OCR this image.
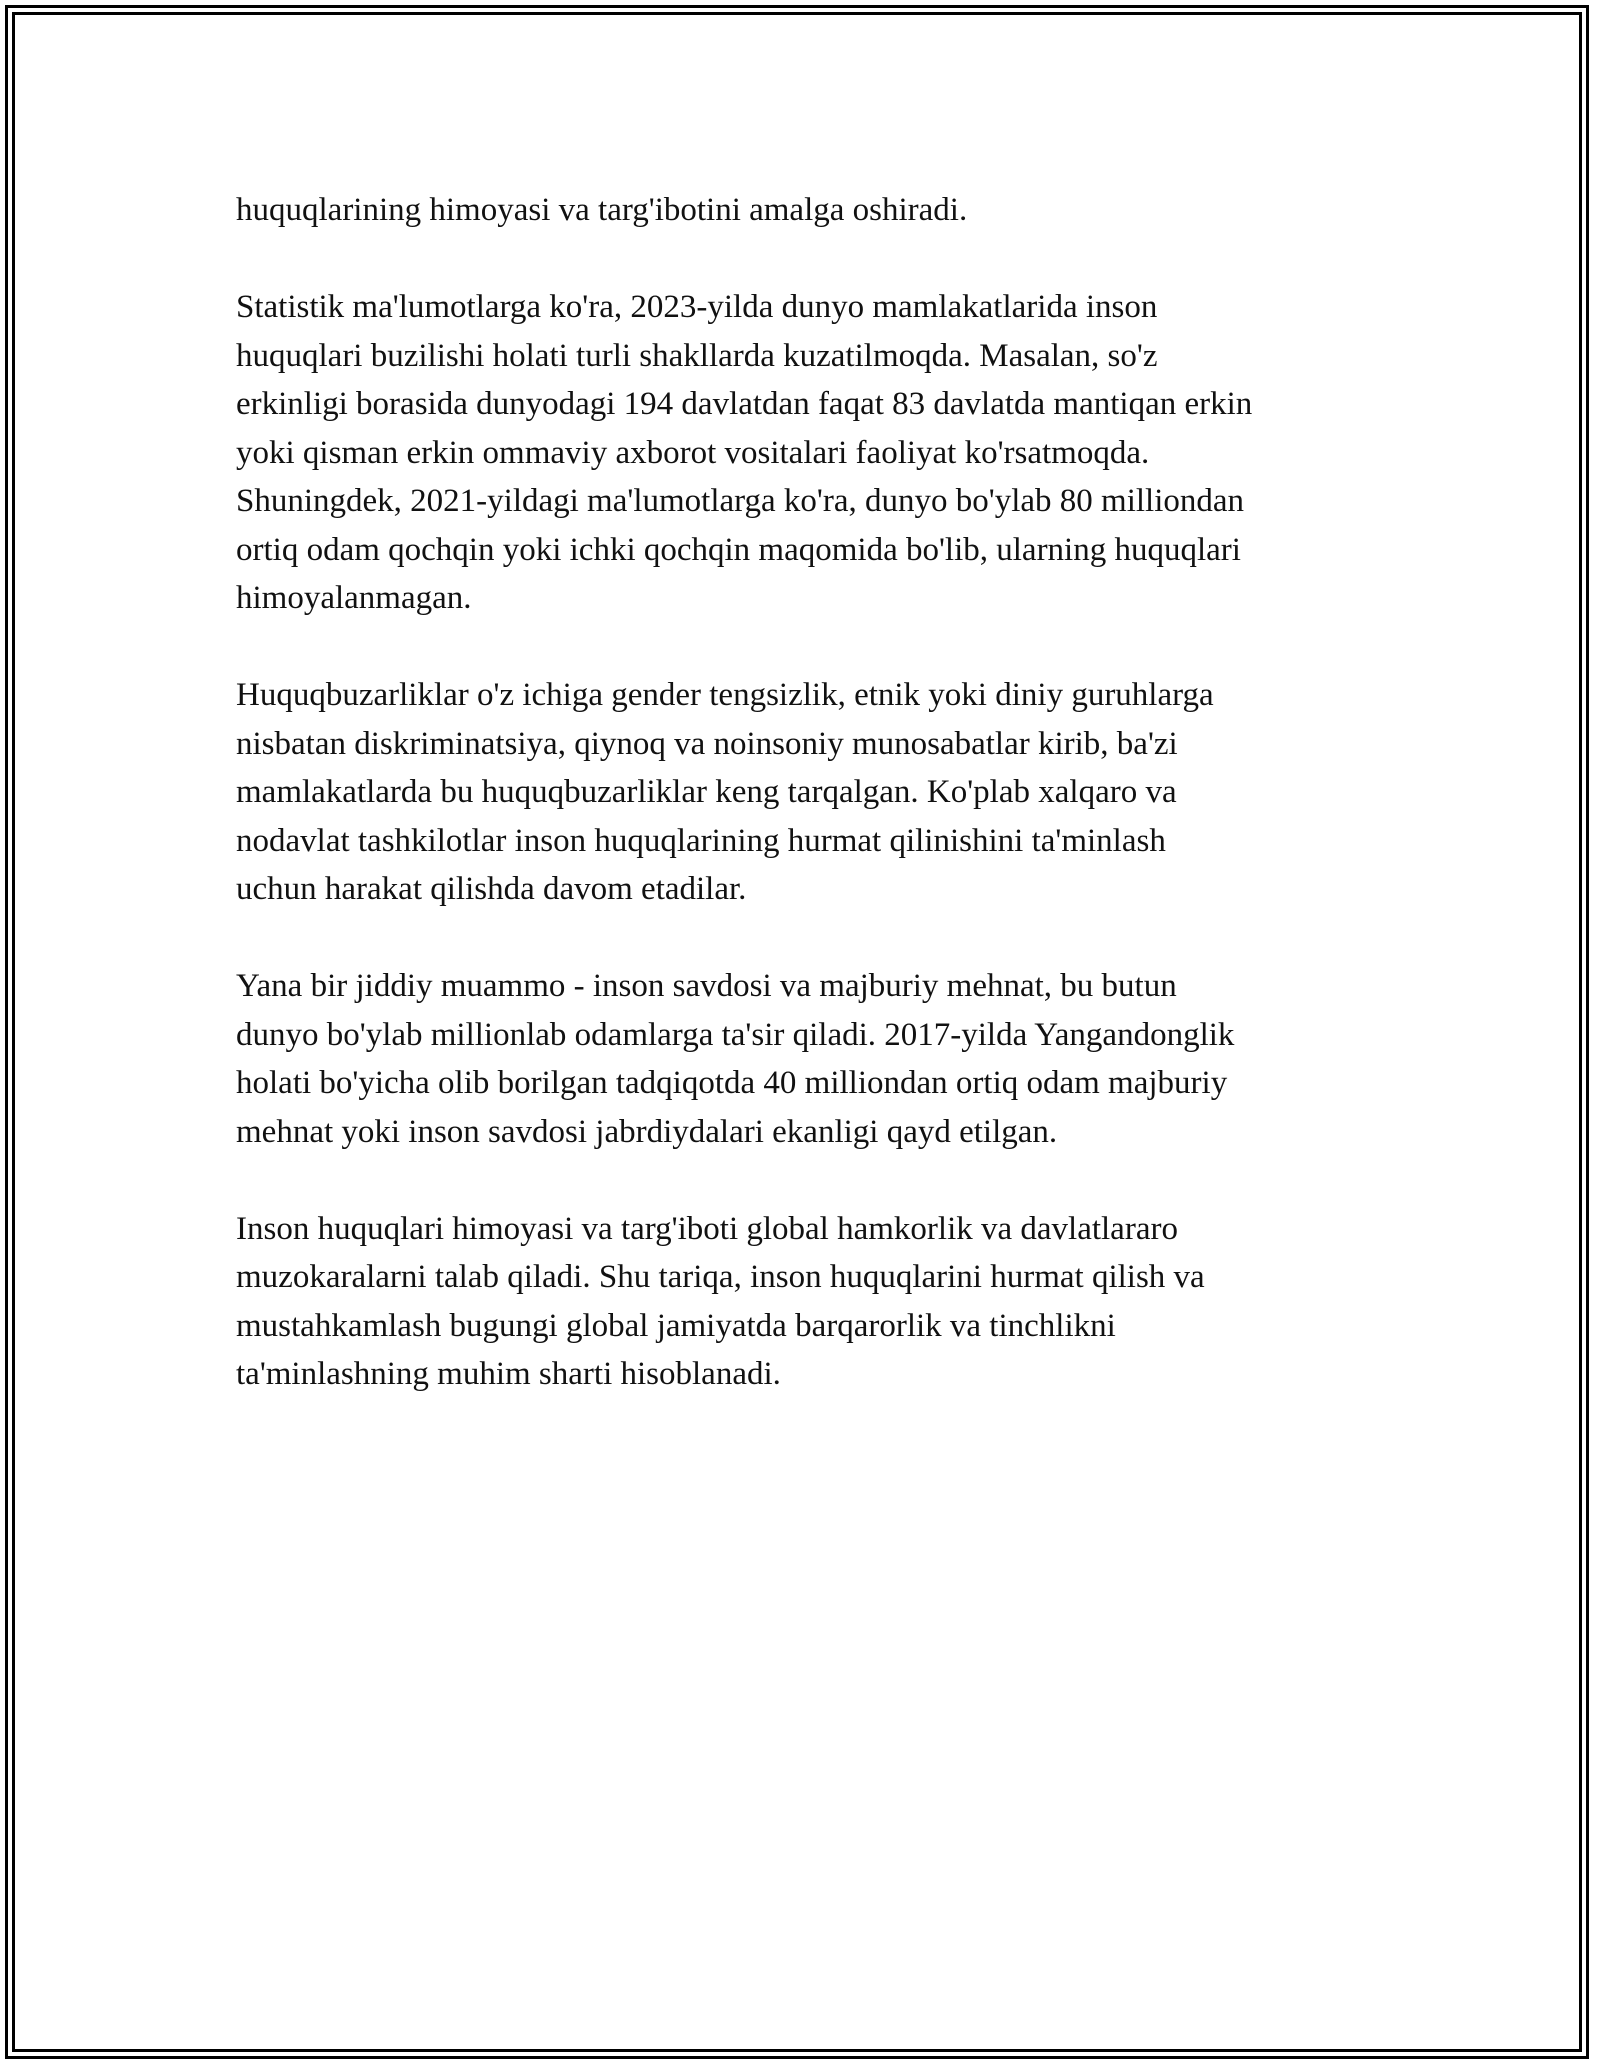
huquqlarining himoyasi va targ'ibotini amalga oshiradi.

Statistik ma'lumotlarga ko'ra, 2023-yilda dunyo mamlakatlarida inson
huquqlari buzilishi holati turli shakllarda kuzatilmoqda. Masalan, so'z
erkinligi borasida dunyodagi 194 davlatdan faqat 83 davlatda mantiqan erkin
yoki qisman erkin ommaviy axborot vositalari faoliyat ko'rsatmoqda.
Shuningdek, 2021-yildagi ma'lumotlarga ko'ra, dunyo bo'ylab 80 milliondan
ortiq odam qochqin yoki ichki qochqin maqomida bo'lib, ularning huquqlari
himoyalanmagan.

Huquqbuzarliklar o'z ichiga gender tengsizlik, etnik yoki diniy guruhlarga
nisbatan diskriminatsiya, qiynoq va noinsoniy munosabatlar kirib, ba'zi
mamlakatlarda bu huquqbuzarliklar keng tarqalgan. Ko'plab xalqaro va
nodavlat tashkilotlar inson huquqlarining hurmat qilinishini ta'minlash
uchun harakat qilishda davom etadilar.

Yana bir jiddiy muammo - inson savdosi va majburiy mehnat, bu butun
dunyo bo'ylab millionlab odamlarga ta'sir qiladi. 2017-yilda Yangandonglik
holati bo'yicha olib borilgan tadqiqotda 40 milliondan ortiq odam majburiy
mehnat yoki inson savdosi jabrdiydalari ekanligi qayd etilgan.

Inson huquqlari himoyasi va targ'iboti global hamkorlik va davlatlararo
muzokaralarni talab qiladi. Shu tariqa, inson huquqlarini hurmat qilish va
mustahkamlash bugungi global jamiyatda barqarorlik va tinchlikni
ta'minlashning muhim sharti hisoblanadi.
